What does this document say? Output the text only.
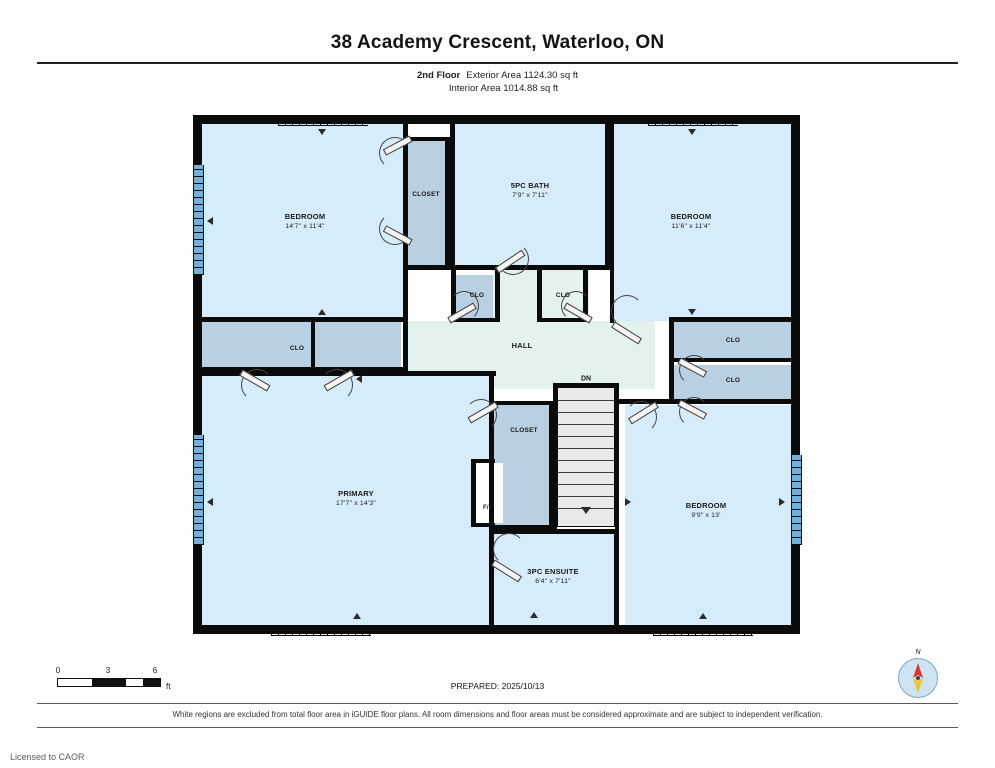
38 Academy Crescent, Waterloo, ON
2nd Floor Exterior Area 1124.30 sq ft
Interior Area 1014.88 sq ft
DN
BEDROOM
14'7" x 11'4"
CLOSET
5PC BATH
7'9" x 7'11"
BEDROOM
11'6" x 11'4"
CLO	CLO
HALL
CLO
CLO
CLO
PRIMARY
17'7" x 14'3"
CLOSET
F/P
3PC ENSUITE
6'4" x 7'11"
BEDROOM
9'9" x 13'
0	3	6
ft	PREPARED: 2025/10/13
N
White regions are excluded from total floor area in iGUIDE floor plans. All room dimensions and floor areas must be considered approximate and are subject to independent verification.
Licensed to CAOR
